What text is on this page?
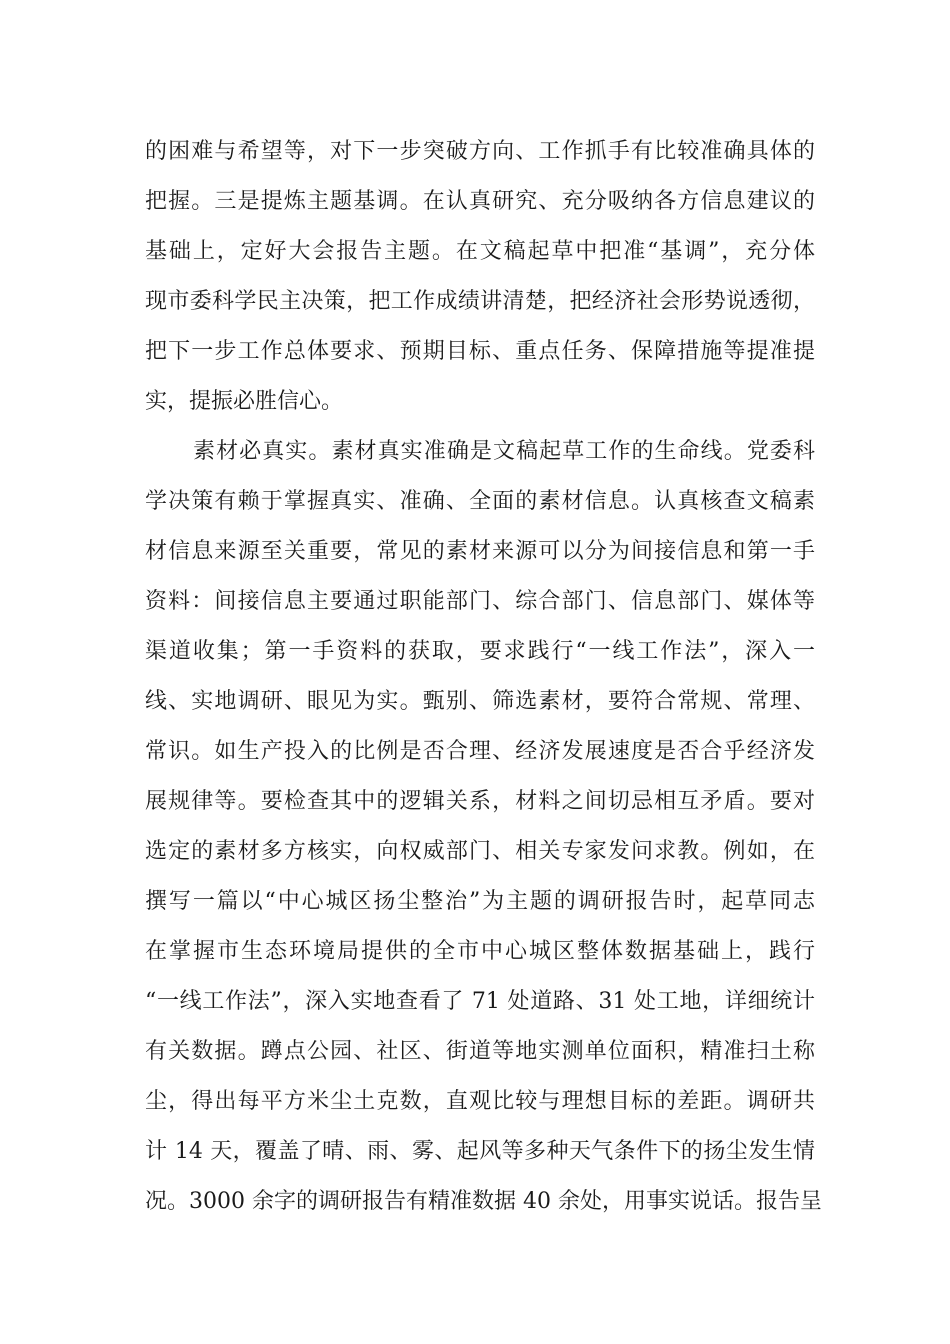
的困难与希望等，对下一步突破方向、工作抓手有比较准确具体的
把握。三是提炼主题基调。在认真研究、充分吸纳各方信息建议的
基础上，定好大会报告主题。在文稿起草中把准“基调”，充分体
现市委科学民主决策，把工作成绩讲清楚，把经济社会形势说透彻，
把下一步工作总体要求、预期目标、重点任务、保障措施等提准提
实，提振必胜信心。
素材必真实。素材真实准确是文稿起草工作的生命线。党委科
学决策有赖于掌握真实、准确、全面的素材信息。认真核查文稿素
材信息来源至关重要，常见的素材来源可以分为间接信息和第一手
资料：间接信息主要通过职能部门、综合部门、信息部门、媒体等
渠道收集；第一手资料的获取，要求践行“一线工作法”，深入一
线、实地调研、眼见为实。甄别、筛选素材，要符合常规、常理、
常识。如生产投入的比例是否合理、经济发展速度是否合乎经济发
展规律等。要检查其中的逻辑关系，材料之间切忌相互矛盾。要对
选定的素材多方核实，向权威部门、相关专家发问求教。例如，在
撰写一篇以“中心城区扬尘整治”为主题的调研报告时，起草同志
在掌握市生态环境局提供的全市中心城区整体数据基础上，践行
“一线工作法”，深入实地查看了 71 处道路、31 处工地，详细统计
有关数据。蹲点公园、社区、街道等地实测单位面积，精准扫土称
尘，得出每平方米尘土克数，直观比较与理想目标的差距。调研共
计 14 天，覆盖了晴、雨、雾、起风等多种天气条件下的扬尘发生情
况。3000 余字的调研报告有精准数据 40 余处，用事实说话。报告呈
